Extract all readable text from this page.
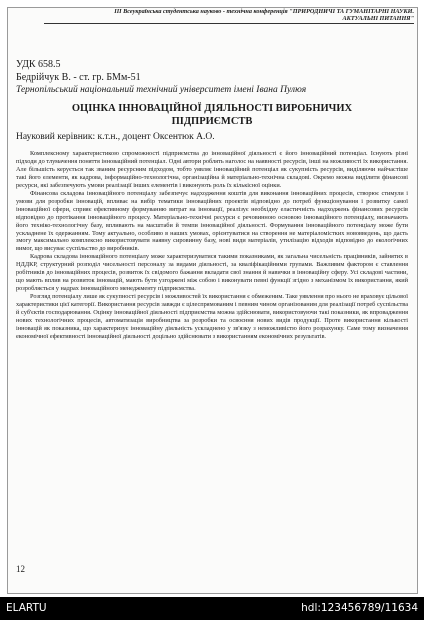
ІІІ Всеукраїнська студентська науково - технічна конференція "ПРИРОДНИЧІ ТА ГУМАНІТАРНІ НАУКИ.
АКТУАЛЬНІ ПИТАННЯ"
УДК 658.5
Бедрійчук В. - ст. гр. БМм-51
Тернопільський національний технічний університет імені Івана Пулюя
ОЦІНКА ІННОВАЦІЙНОЇ ДІЯЛЬНОСТІ ВИРОБНИЧИХ
ПІДПРИЄМСТВ
Науковий керівник: к.т.н., доцент Оксентюк А.О.

Комплексному характеристикою спроможності підприємства до інноваційної діяльності є його інноваційний потенціал. Існують різні підходи до тлумачення поняття інноваційний потенціал. Одні автори роблять наголос на наявності ресурсів, інші на можливості їх використання. Але більшість керується так званим ресурсним підходом, тобто уявляє інноваційний потенціал як сукупність ресурсів, виділяючи найчастіше такі його елементи, як кадрова, інформаційно-технологічна, організаційна й матеріально-технічна складові. Окремо можна виділити фінансові ресурси, які забезпечують умови реалізації інших елементів і виконують роль їх кількісної оцінки.

Фінансова складова інноваційного потенціалу забезпечує надходження коштів для виконання інноваційних процесів, створює стимули і умови для розробки інновацій, впливає на вибір тематики інноваційних проектів відповідно до потреб функціонування і розвитку самої інноваційної сфери, сприяє ефективному формуванню витрат на інновації, реалізує необхідну еластичність надходжень фінансових ресурсів відповідно до протікання інноваційного процесу. Матеріально-технічні ресурси є речовинною основою інноваційного потенціалу, визначають його техніко-технологічну базу, впливають на масштаби й темпи інноваційної діяльності. Формування інноваційного потенціалу може бути ускладнене їх одержанням. Тому актуально, особливо в наших умовах, орієнтуватися на створення не матеріаломістких нововведень, що дасть змогу максимально комплексно використовувати наявну сировинну базу, нові види матеріалів, утилізацію відходів відповідно до екологічних вимог, що висуває суспільство до виробників.

Кадрова складова інноваційного потенціалу може характеризуватися такими показниками, як загальна чисельність працівників, зайнятих в НДДКР, структурний розподіл чисельності персоналу за видами діяльності, за кваліфікаційними групами. Важливим фактором є ставлення робітників до інноваційних процесів, розвиток їх свідомого бажання вкладати свої знання й навички в інноваційну сферу. Усі складові частини, що мають вплив на розвиток інновацій, мають бути узгоджені між собою і виконувати певні функції згідно з механізмом їх використання, який розробляється у надрах інноваційного менеджменту підприємства.

Розгляд потенціалу лише як сукупності ресурсів і можливостей їх використання є обмеженим. Таке уявлення про нього не враховує цільової характеристики цієї категорії. Використання ресурсів завжди є цілеспрямованим і певним чином організованим для реалізації потреб суспільства й суб'єктів господарювання. Оцінку інноваційної діяльності підприємства можна здійснювати, використовуючи такі показники, як впровадження нових технологічних процесів, автоматизація виробництва за розробки та освоєння нових видів продукції. Проте використання кількості інновацій як показника, що характеризує інноваційну діяльність ускладнено у зв'язку з неможливістю його розрахунку. Саме тому визначення економічної ефективності інноваційної діяльності доцільно здійснювати з використанням економічних результатів.

12
ELARTU	hdl:123456789/11634
